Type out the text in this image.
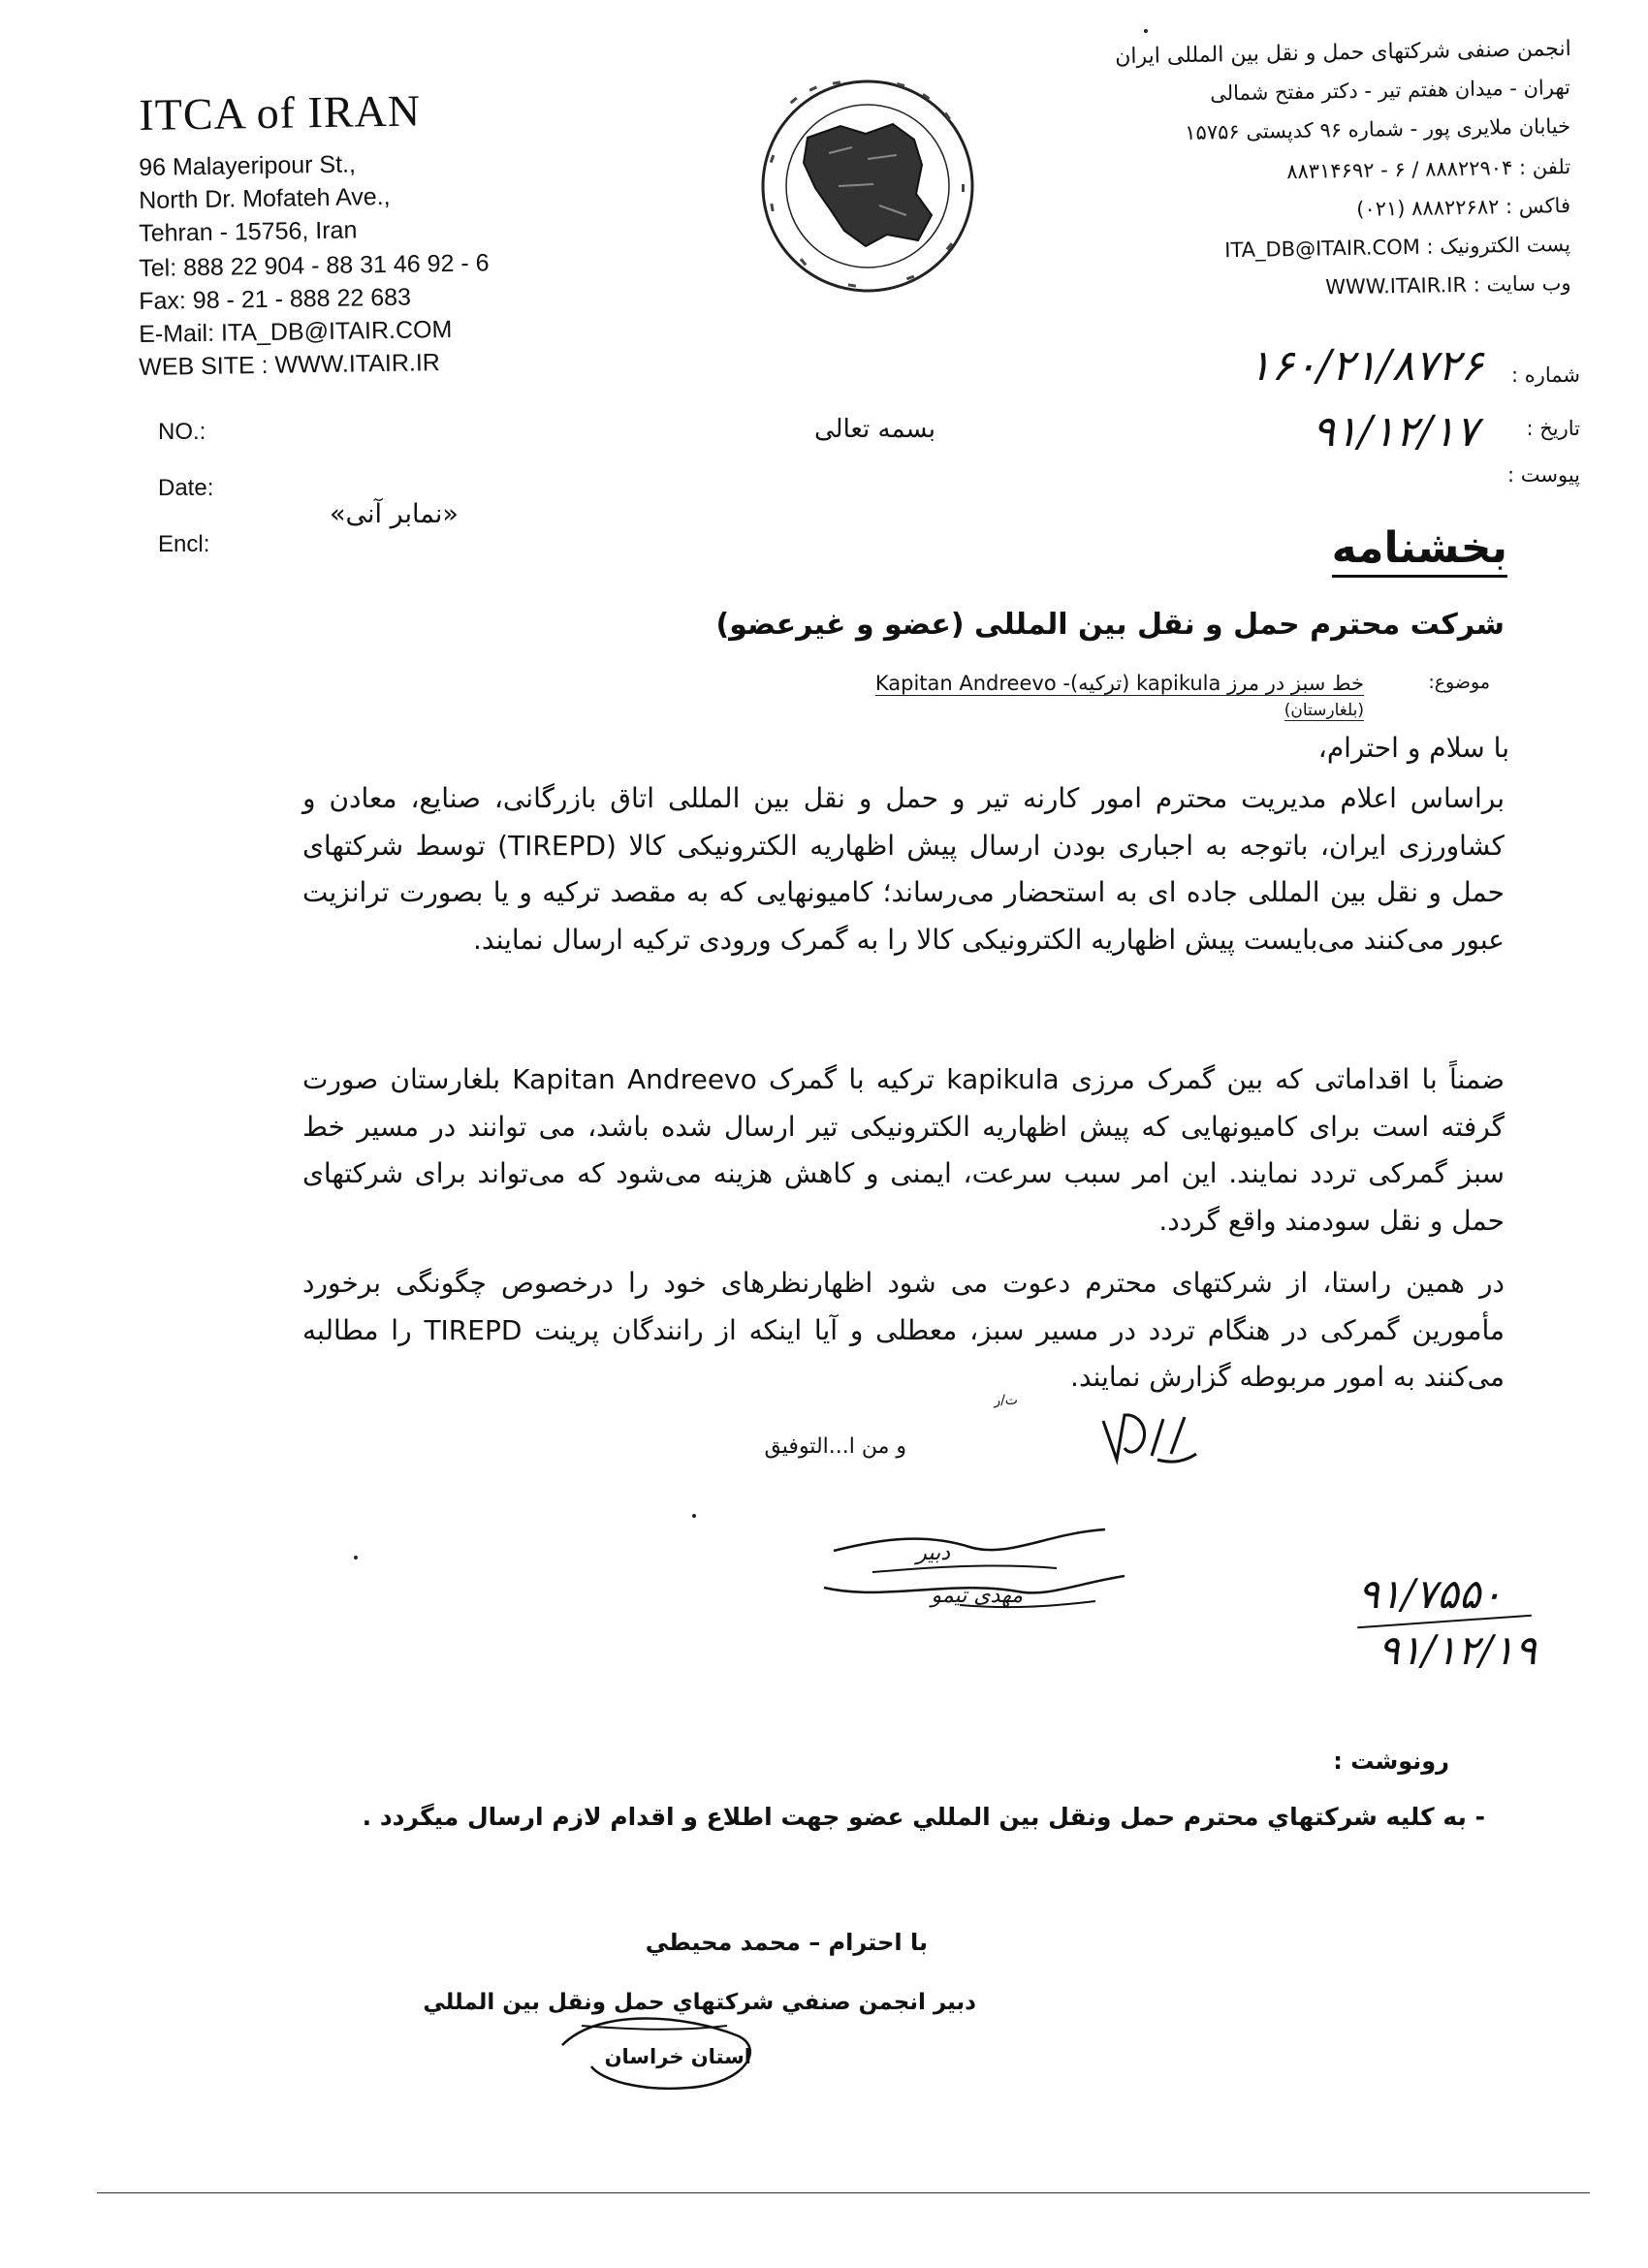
ITCA of IRAN
96 Malayeripour St.,
North Dr. Mofateh Ave.,
Tehran - 15756, Iran
Tel: 888 22 904 - 88 31 46 92 - 6
Fax: 98 - 21 - 888 22 683
E-Mail: ITA_DB@ITAIR.COM
WEB SITE : WWW.ITAIR.IR
انجمن صنفی شرکتهای حمل و نقل بین المللی ایران
تهران - میدان هفتم تیر - دکتر مفتح شمالی
خیابان ملایری پور - شماره ۹۶ کدپستی ۱۵۷۵۶
تلفن : ۸۸۸۲۲۹۰۴ / ۶ - ۸۸۳۱۴۶۹۲
فاکس : ۸۸۸۲۲۶۸۲ (۰۲۱)
پست الکترونیک : ITA_DB@ITAIR.COM
وب سایت : WWW.ITAIR.IR
NO.:
Date:
Encl:
شماره :
۱۶۰/۲۱/۸۷۲۶
تاریخ :
۹۱/۱۲/۱۷
پیوست :
بسمه تعالی
«نمابر آنی»
بخشنامه
شرکت محترم حمل و نقل بین المللی (عضو و غیرعضو)
موضوع:
خط سبز در مرز kapikula (ترکیه)- Kapitan Andreevo
(بلغارستان)
با سلام و احترام،
براساس اعلام مدیریت محترم امور کارنه تیر و حمل و نقل بین المللی اتاق بازرگانی، صنایع، معادن و کشاورزی ایران، باتوجه به اجباری بودن ارسال پیش اظهاریه الکترونیکی کالا (TIREPD) توسط شرکتهای حمل و نقل بین المللی جاده ای به استحضار می‌رساند؛ کامیونهایی که به مقصد ترکیه و یا بصورت ترانزیت عبور می‌کنند می‌بایست پیش اظهاریه الکترونیکی کالا را به گمرک ورودی ترکیه ارسال نمایند.
ضمناً با اقداماتی که بین گمرک مرزی kapikula ترکیه با گمرک Kapitan Andreevo بلغارستان صورت گرفته است برای کامیونهایی که پیش اظهاریه الکترونیکی تیر ارسال شده باشد، می توانند در مسیر خط سبز گمرکی تردد نمایند. این امر سبب سرعت، ایمنی و کاهش هزینه می‌شود که می‌تواند برای شرکتهای حمل و نقل سودمند واقع گردد.
در همین راستا، از شرکتهای محترم دعوت می شود اظهارنظرهای خود را درخصوص چگونگی برخورد مأمورین گمرکی در هنگام تردد در مسیر سبز، معطلی و آیا اینکه از رانندگان پرینت TIREPD را مطالبه می‌کنند به امور مربوطه گزارش نمایند.
ت/ر
و من ا...التوفیق
دبیر
مهدی تیمو	۹۱/۷۵۵۰
۹۱/۱۲/۱۹
رونوشت :
- به کلیه شرکتهاي محترم حمل ونقل بين المللي عضو جهت اطلاع و اقدام لازم ارسال ميگردد .
با احترام – محمد محيطي
دبير انجمن صنفي شركتهاي حمل ونقل بين المللي
استان خراسان
